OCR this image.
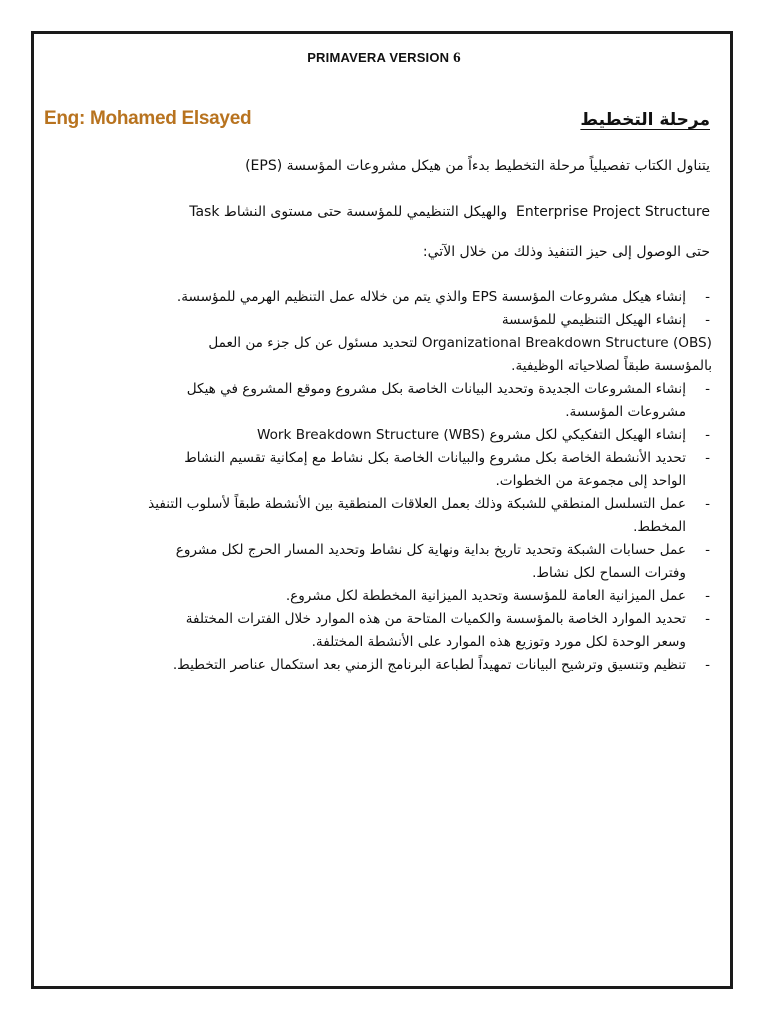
PRIMAVERA VERSION 6
Eng: Mohamed Elsayed	مرحلة التخطيط
يتناول الكتاب تفصيلياً مرحلة التخطيط بدءاً من هيكل مشروعات المؤسسة (EPS)
Enterprise Project Structure  والهيكل التنظيمي للمؤسسة حتى مستوى النشاط Task
حتى الوصول إلى حيز التنفيذ وذلك من خلال الآتي:
-
إنشاء هيكل مشروعات المؤسسة EPS والذي يتم من خلاله عمل التنظيم الهرمي للمؤسسة.
-
إنشاء الهيكل التنظيمي للمؤسسة
Organizational Breakdown Structure (OBS) لتحديد مسئول عن كل جزء من العمل
بالمؤسسة طبقاً لصلاحياته الوظيفية.
-
إنشاء المشروعات الجديدة وتحديد البيانات الخاصة بكل مشروع وموقع المشروع في هيكل
مشروعات المؤسسة.
-
إنشاء الهيكل التفكيكي لكل مشروع Work Breakdown Structure (WBS)
-
تحديد الأنشطة الخاصة بكل مشروع والبيانات الخاصة بكل نشاط مع إمكانية تقسيم النشاط
الواحد إلى مجموعة من الخطوات.
-
عمل التسلسل المنطقي للشبكة وذلك بعمل العلاقات المنطقية بين الأنشطة طبقاً لأسلوب التنفيذ
المخطط.
-
عمل حسابات الشبكة وتحديد تاريخ بداية ونهاية كل نشاط وتحديد المسار الحرج لكل مشروع
وفترات السماح لكل نشاط.
-
عمل الميزانية العامة للمؤسسة وتحديد الميزانية المخططة لكل مشروع.
-
تحديد الموارد الخاصة بالمؤسسة والكميات المتاحة من هذه الموارد خلال الفترات المختلفة
وسعر الوحدة لكل مورد وتوزيع هذه الموارد على الأنشطة المختلفة.
-
تنظيم وتنسيق وترشيح البيانات تمهيداً لطباعة البرنامج الزمني بعد استكمال عناصر التخطيط.
